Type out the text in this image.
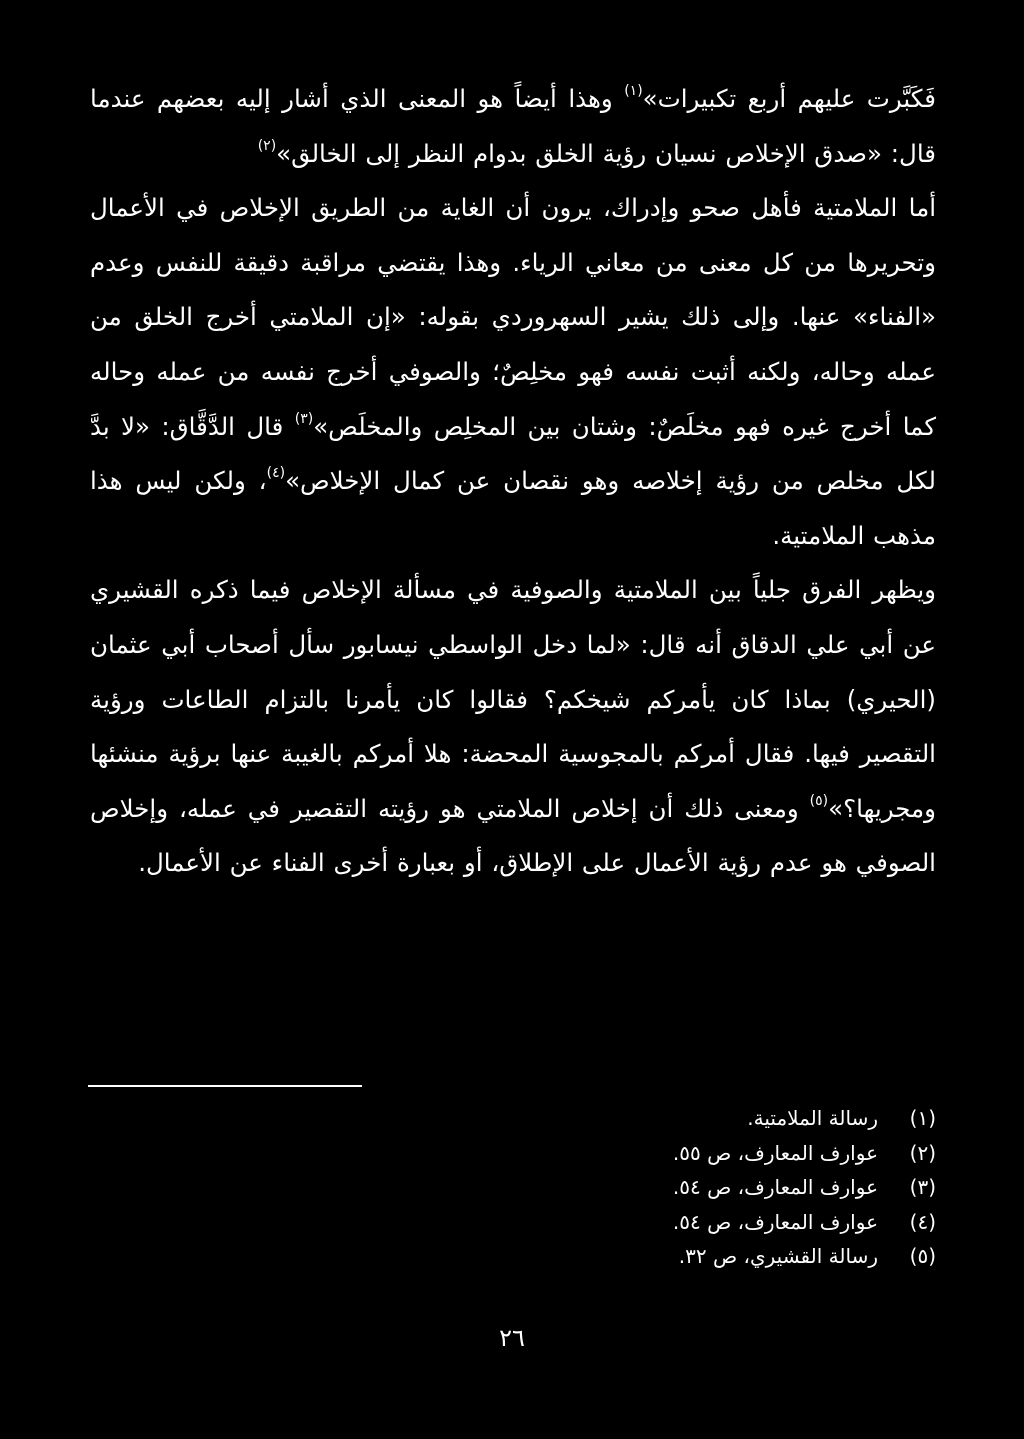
فَكَبَّرت عليهم أربع تكبيرات»$^{(١)}$ وهذا أيضاً هو المعنى الذي أشار إليه بعضهم عندما قال: «صدق الإخلاص نسيان رؤية الخلق بدوام النظر إلى الخالق»$^{(٢)}$

أما الملامتية فأهل صحو وإدراك، يرون أن الغاية من الطريق الإخلاص في الأعمال وتحريرها من كل معنى من معاني الرياء. وهذا يقتضي مراقبة دقيقة للنفس وعدم «الفناء» عنها. وإلى ذلك يشير السهروردي بقوله: «إن الملامتي أخرج الخلق من عمله وحاله، ولكنه أثبت نفسه فهو مخلِصٌ؛ والصوفي أخرج نفسه من عمله وحاله كما أخرج غيره فهو مخلَصٌ: وشتان بين المخلِص والمخلَص»$^{(٣)}$ قال الدَّقَّاق: «لا بدَّ لكل مخلص من رؤية إخلاصه وهو نقصان عن كمال الإخلاص»$^{(٤)}$، ولكن ليس هذا مذهب الملامتية.

ويظهر الفرق جلياً بين الملامتية والصوفية في مسألة الإخلاص فيما ذكره القشيري عن أبي علي الدقاق أنه قال: «لما دخل الواسطي نيسابور سأل أصحاب أبي عثمان (الحيري) بماذا كان يأمركم شيخكم؟ فقالوا كان يأمرنا بالتزام الطاعات ورؤية التقصير فيها. فقال أمركم بالمجوسية المحضة: هلا أمركم بالغيبة عنها برؤية منشئها ومجريها؟»$^{(٥)}$ ومعنى ذلك أن إخلاص الملامتي هو رؤيته التقصير في عمله، وإخلاص الصوفي هو عدم رؤية الأعمال على الإطلاق، أو بعبارة أخرى الفناء عن الأعمال.

(١)
رسالة الملامتية.
(٢)
عوارف المعارف، ص ٥٥.
(٣)
عوارف المعارف، ص ٥٤.
(٤)
عوارف المعارف، ص ٥٤.
(٥)
رسالة القشيري، ص ٣٢.
٢٦
